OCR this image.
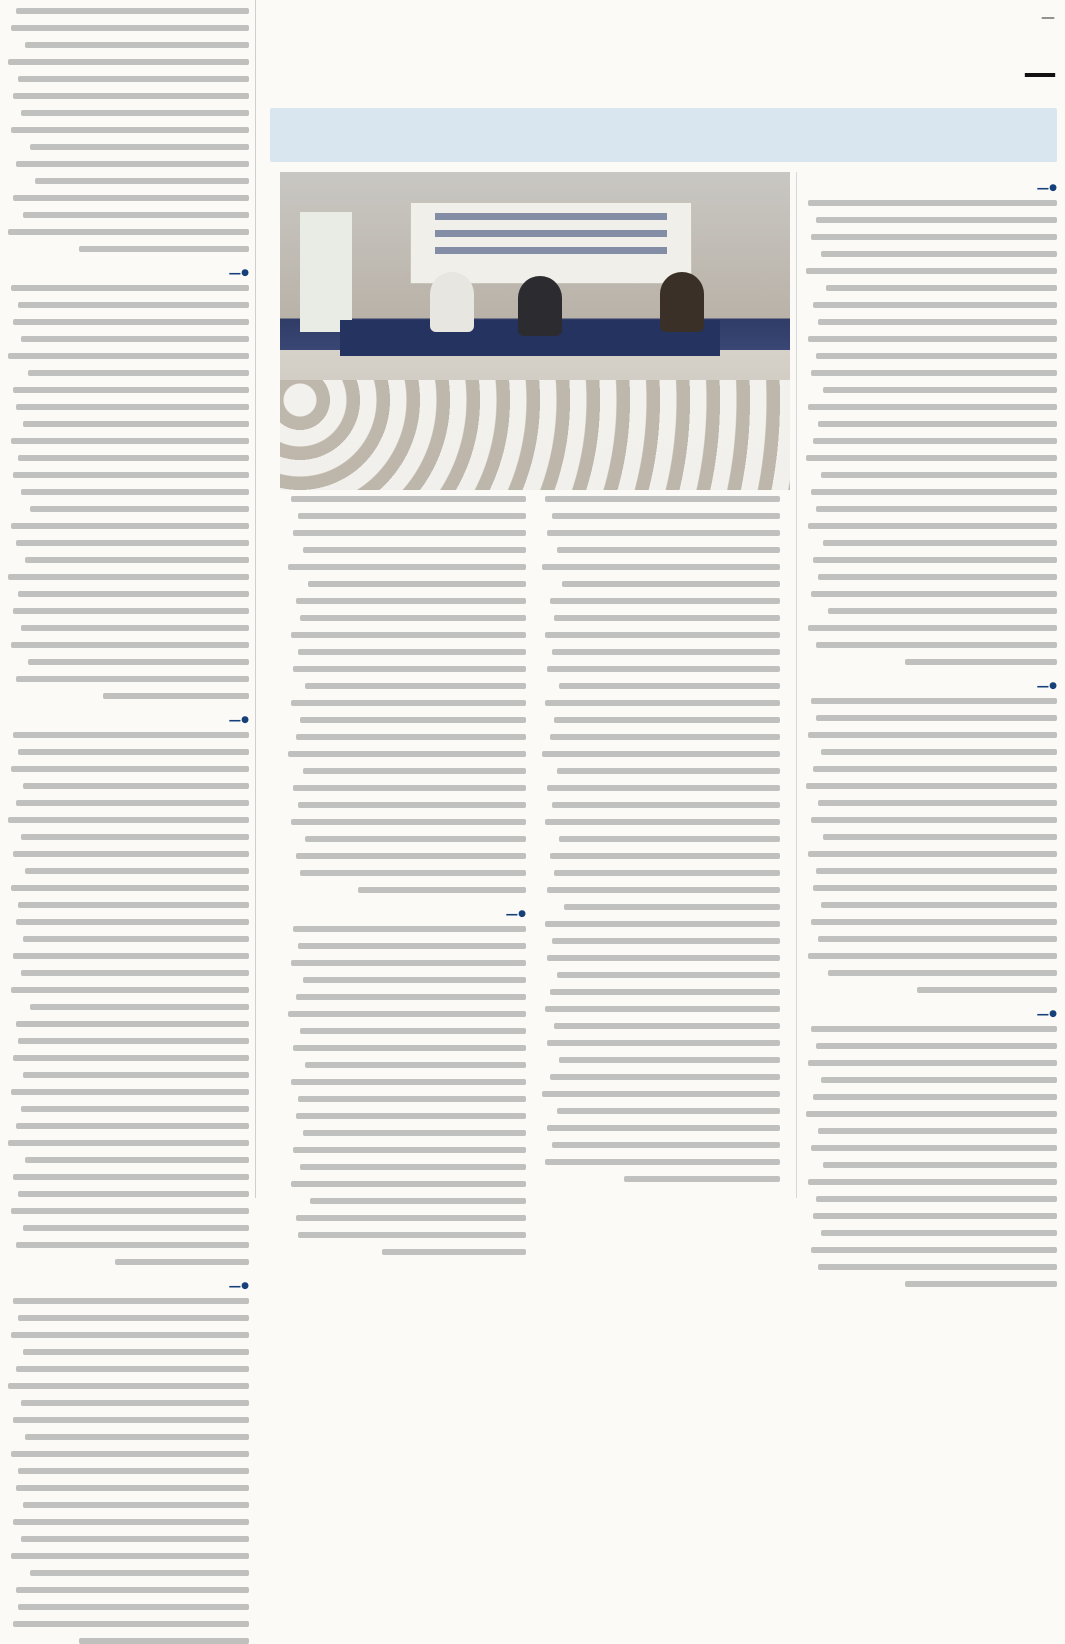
● —
● —
● —
—
—
● —
● —
● —
● —
